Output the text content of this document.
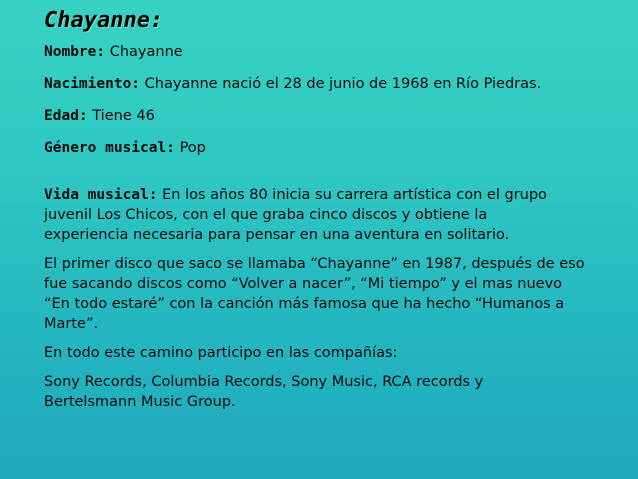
Chayanne:

Nombre: Chayanne

Nacimiento: Chayanne nació el 28 de junio de 1968 en Río Piedras.

Edad: Tiene 46

Género musical: Pop

Vida musical: En los años 80 inicia su carrera artística con el grupo
juvenil Los Chicos, con el que graba cinco discos y obtiene la
experiencia necesaria para pensar en una aventura en solitario.

El primer disco que saco se llamaba “Chayanne” en 1987, después de eso
fue sacando discos como “Volver a nacer”, “Mi tiempo” y el mas nuevo
“En todo estaré” con la canción más famosa que ha hecho “Humanos a
Marte”.

En todo este camino participo en las compañías:

Sony Records, Columbia Records, Sony Music, RCA records y
Bertelsmann Music Group.
